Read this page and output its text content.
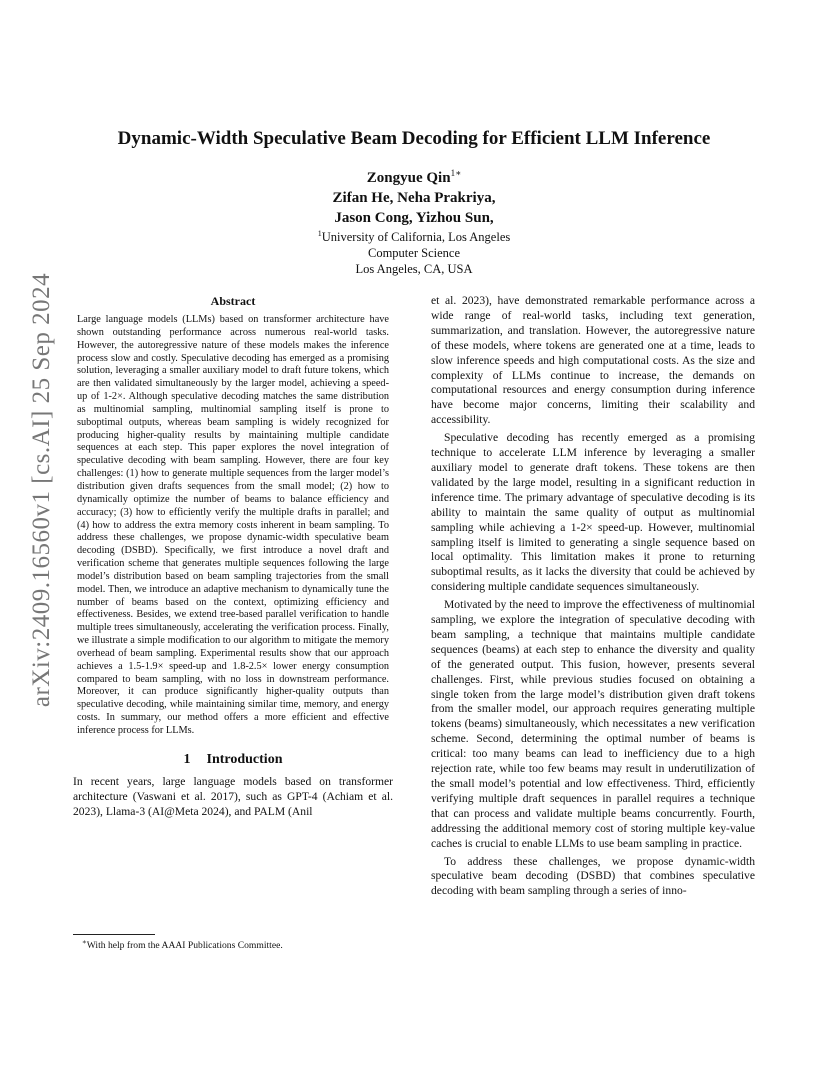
arXiv:2409.16560v1 [cs.AI] 25 Sep 2024
Dynamic-Width Speculative Beam Decoding for Efficient LLM Inference
Zongyue Qin$^{1∗}$
Zifan He, Neha Prakriya,
Jason Cong, Yizhou Sun,
$^1$University of California, Los Angeles
Computer Science
Los Angeles, CA, USA
Abstract

Large language models (LLMs) based on transformer architecture have shown outstanding performance across numerous real-world tasks. However, the autoregressive nature of these models makes the inference process slow and costly. Speculative decoding has emerged as a promising solution, leveraging a smaller auxiliary model to draft future tokens, which are then validated simultaneously by the larger model, achieving a speed-up of 1-2×. Although speculative decoding matches the same distribution as multinomial sampling, multinomial sampling itself is prone to suboptimal outputs, whereas beam sampling is widely recognized for producing higher-quality results by maintaining multiple candidate sequences at each step. This paper explores the novel integration of speculative decoding with beam sampling. However, there are four key challenges: (1) how to generate multiple sequences from the larger model’s distribution given drafts sequences from the small model; (2) how to dynamically optimize the number of beams to balance efficiency and accuracy; (3) how to efficiently verify the multiple drafts in parallel; and (4) how to address the extra memory costs inherent in beam sampling. To address these challenges, we propose dynamic-width speculative beam decoding (DSBD). Specifically, we first introduce a novel draft and verification scheme that generates multiple sequences following the large model’s distribution based on beam sampling trajectories from the small model. Then, we introduce an adaptive mechanism to dynamically tune the number of beams based on the context, optimizing efficiency and effectiveness. Besides, we extend tree-based parallel verification to handle multiple trees simultaneously, accelerating the verification process. Finally, we illustrate a simple modification to our algorithm to mitigate the memory overhead of beam sampling. Experimental results show that our approach achieves a 1.5-1.9× speed-up and 1.8-2.5× lower energy consumption compared to beam sampling, with no loss in downstream performance. Moreover, it can produce significantly higher-quality outputs than speculative decoding, while maintaining similar time, memory, and energy costs. In summary, our method offers a more efficient and effective inference process for LLMs.

1 Introduction

In recent years, large language models based on transformer architecture (Vaswani et al. 2017), such as GPT-4 (Achiam et al. 2023), Llama-3 (AI@Meta 2024), and PALM (Anil

et al. 2023), have demonstrated remarkable performance across a wide range of real-world tasks, including text generation, summarization, and translation. However, the autoregressive nature of these models, where tokens are generated one at a time, leads to slow inference speeds and high computational costs. As the size and complexity of LLMs continue to increase, the demands on computational resources and energy consumption during inference have become major concerns, limiting their scalability and accessibility.

Speculative decoding has recently emerged as a promising technique to accelerate LLM inference by leveraging a smaller auxiliary model to generate draft tokens. These tokens are then validated by the large model, resulting in a significant reduction in inference time. The primary advantage of speculative decoding is its ability to maintain the same quality of output as multinomial sampling while achieving a 1-2× speed-up. However, multinomial sampling itself is limited to generating a single sequence based on local optimality. This limitation makes it prone to returning suboptimal results, as it lacks the diversity that could be achieved by considering multiple candidate sequences simultaneously.

Motivated by the need to improve the effectiveness of multinomial sampling, we explore the integration of speculative decoding with beam sampling, a technique that maintains multiple candidate sequences (beams) at each step to enhance the diversity and quality of the generated output. This fusion, however, presents several challenges. First, while previous studies focused on obtaining a single token from the large model’s distribution given draft tokens from the smaller model, our approach requires generating multiple tokens (beams) simultaneously, which necessitates a new verification scheme. Second, determining the optimal number of beams is critical: too many beams can lead to inefficiency due to a high rejection rate, while too few beams may result in underutilization of the small model’s potential and low effectiveness. Third, efficiently verifying multiple draft sequences in parallel requires a technique that can process and validate multiple beams concurrently. Fourth, addressing the additional memory cost of storing multiple key-value caches is crucial to enable LLMs to use beam sampling in practice.

To address these challenges, we propose dynamic-width speculative beam decoding (DSBD) that combines speculative decoding with beam sampling through a series of inno-

∗With help from the AAAI Publications Committee.
